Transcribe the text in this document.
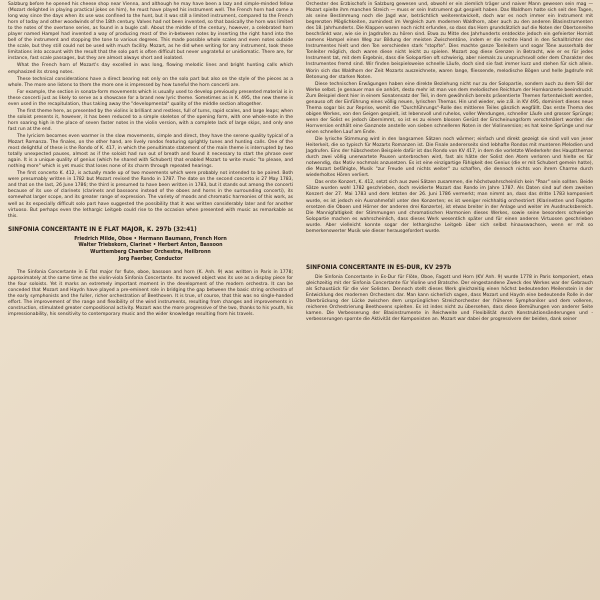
Salzburg before he opened his cheese shop near Vienna, and although he may have been a lazy and simple-minded fellow (Mozart delighted in playing practical jokes on him), he must have played his instrument well. The French horn had come a long way since the days when its use was confined to the hunt, but it was still a limited instrument, compared to the French horn of today and other woodwinds of the 18th century. Valves had not been invented, so that basically the horn was limited to the notes of the overtone series, as found in a bugle call. About the middle of the century, however, a celebrated horn player named Hampel had invented a way of producing most of the in-between notes by inserting the right hand into the bell of the instrument and stopping the tone to various degrees. This made possible whole scales and even notes outside the scale, but they still could not be used with much facility. Mozart, as he did when writing for any instrument, took these limitations into account with the result that the solo part is often difficult but never ungrateful or unidiomatic. There are, for instance, fast scale passages, but they are almost always short and isolated.

What the French horn of Mozart's day excelled in was long, flowing melodic lines and bright hunting calls which emphasized its strong notes.

These technical considerations have a direct bearing not only on the solo part but also on the style of the pieces as a whole. The more one listens to them the more one is impressed by how tuneful the horn concerti are.

For example, the section in sonata-form movements which is usually used to develop previously presented material is in these concerti just as likely to serve as a showcase for a brand new lyric theme. Sometimes as in K. 495, the new theme is even used in the recapitulation, thus taking away the "developmental" quality of the middle section altogether.

The first theme here, as presented by the violins is brilliant and restless, full of turns, rapid scales, and large leaps; when the soloist presents it, however, it has been reduced to a simple skeleton of the opening form, with one whole-note in the horn soaring high in the place of seven faster notes in the violin version, with a complete lack of large skips, and only one fast run at the end.

The lyricism becomes even warmer in the slow movements, simple and direct, they have the serene quality typical of a Mozart Romanza. The finales, on the other hand, are lively rondos featuring sprightly tunes and hunting calls. One of the most delightful of these is the Rondo of K. 417, in which the penultimate statement of the main theme is interrupted by two totally unexpected pauses, almost as if the soloist had run out of breath and found it necessary to start the phrase over again. It is a unique quality of genius (which he shared with Schubert) that enabled Mozart to write music "to please, and nothing more" which is yet music that loses none of its charm through repeated hearings.

The first concerto K. 412, is actually made up of two movements which were probably not intended to be paired. Both were presumably written in 1782 but Mozart revised the Rondo in 1787. The date on the second concerto is 27 May 1783, and that on the last, 26 June 1786; the third is presumed to have been written in 1783, but it stands out among the concerti because of its use of clarinets (clarinets and bassoons instead of the oboes and horns in the surrounding concerti), its somewhat larger scope, and its greater range of expression. The variety of moods and chromatic harmonies of this work, as well as its especially difficult solo part have suggested the possibility that it was written considerably later and for another virtuoso. But perhaps even the lethargic Leitgeb could rise to the occasion when presented with music as remarkable as this.

SINFONIA CONCERTANTE IN E FLAT MAJOR, K. 297b (32:41)
Friedrich Milde, Oboe • Hermann Baumann, French Horn
Walter Triebskorn, Clarinet • Herbert Anton, Bassoon
Wurttemberg Chamber Orchestra, Heilbronn
Jorg Faerber, Conductor

The Sinfonia Concertante in E flat major for flute, oboe, bassoon and horn (K. Anh. 9) was written in Paris in 1778; approximately at the same time as the violin-viola Sinfonia Concertante. Its avowed object was its use as a display piece for the four soloists. Yet it marks an extremely important moment in the development of the modern orchestra. It can be conceded that Mozart and Haydn have played a pre-eminent role in bridging the gap between the basic string orchestra of the early symphonists and the fuller, richer orchestration of Beethoven. It is true, of course, that this was no single-handed effort. The improvement of the range and flexibility of the wind instruments, resulting from changes and improvements in construction, stimulated greater compositional activity. Mozart was the more progressive of the two, thanks to his youth, his impressionability, his sensitivity to contemporary music and the wider knowledge resulting from his travels.

Orchester des Erzbischofs in Salzburg gewesen und, obwohl er ein ziemlich träger und naiver Mann gewesen sein mag — Mozart spielte ihm manchen Streich — muss er sein Instrument gut gespielt haben. Das Waldhorn hatte sich seit den Tagen, als seine Bestimmung noch die Jagd war, beträchtlich weiterentwickelt, doch war es noch immer ein Instrument mit begrenzten Möglichkeiten, zumindest im Vergleich zum modernen Waldhorn, aber auch zu den anderen Blasinstrumenten des 18. Jahrhunderts. Die Klappen waren noch nicht erfunden, so dass das Horn grundsätzlich auf die Noten der Obertonreihe beschränkt war, wie sie in Jagdrufen zu hören sind. Etwa zu Mitte des Jahrhunderts entdeckte jedoch ein gefeierter Hornist namens Hampel einen Weg zur Bildung der meisten Zwischentöne, indem er die rechte Hand in den Schalltrichter des Instrumentes hielt und den Ton verschieden stark "stopfte". Dies machte ganze Tonleitern und sogar Töne ausserhalb der Tonleiter möglich, doch waren diese nicht leicht zu spielen. Mozart zog diese Grenzen in Betracht, wie er es für jedes Instrument tat, mit dem Ergebnis, dass die Solopartien oft schwierig, aber niemals zu unspruchsvoll oder dem Charakter des Instrumentes fremd sind. Wir finden beispielsweise schnelle Läufe, doch sind sie fast immer kurz und stehen für sich allein. Worin sich das Waldhorn der Zeit Mozarts auszeichnete, waren lange, fliessende, melodische Bögen und helle Jagdrufe mit Betonung der starken Noten.

Diese technischen Erwägungen haben eine direkte Beziehung nicht nur zu der Solopartie, sondern auch zu dem Stil der Werke selbst. Je genauer man sie anhört, desto mehr ist man von dem melodischen Reichtum der Hornkonzerte beeindruckt. Zum Beispiel dient hier in einem Sonatensatz der Teil, in dem gewöhnlich bereits präsentierte Themen fortentwickelt werden, genauso oft der Einführung eines völlig neuen, lyrischen Themas. Hin und wieder, wie z.B. in KV 495, dominiert dieses neue Thema sogar bis zur Reprise, womit die "Durchführungs"-Rolle des mittleren Teiles gänzlich wegfällt. Das erste Thema des obigen Werkes, von den Geigen gespielt, ist lebensvoll und ruhelos, voller Wendungen, schneller Läufe und grosser Sprünge; wenn der Solist es jedoch übernimmt, so ist es zu einem blossen Gerüst der Erscheinungsform verschmälert worden: die Hornversion enthält eine Ganznote anstelle von sieben schnelleren Noten in der Violinversion; es hat keine Sprünge und nur einen schnellen Lauf am Ende.

Die lyrische Stimmung wird in den langsamen Sätzen noch wärmer; einfach und direkt gezeigt sie sind voll von jener Heiterkeit, die so typisch für Mozarts Romanzen ist. Die Finale andererseits sind lebhafte Rondos mit munteren Melodien und Jagdrufen. Eins der hübschesten Beispiele dafür ist das Rondo von KV 417, in dem die vorletzte Wiederkehr des Hauptthemas durch zwei völlig unerwartete Pausen unterbrochen wird, fast als hätte der Solist den Atem verloren und hielte es für notwendig, das Motiv nochmals anzusetzen. Es ist eine einzigartige Fähigkeit des Genius (die er mit Schubert gemein hatte), die Mozart befähigte, Musik "zur Freude und nichts weiter" zu schaffen, die dennoch nichts von ihrem Charme durch wiederholtes Hören verliert.

Das erste Konzert, K. 412, setzt sich aus zwei Sätzen zusammen, die höchstwahrscheinlich kein "Paar" sein sollten. Beide Sätze wurden wohl 1782 geschrieben, doch revidierte Mozart das Rondo im Jahre 1787. Als Daten sind auf dem zweiten Konzert der 27. Mai 1783 und dem letzten der 26. Juni 1786 vermerkt; man nimmt an, dass das dritte 1783 komponiert wurde, es ist jedoch ein Ausnahmefall unter den Konzerten; es ist weniger reichhaltig orchestriert (Klarinetten und Fagotte ersetzen die Oboen und Hörner der anderen drei Konzerte), ist etwas breiter in der Anlage und weiter im Ausdrucksbereich. Die Mannigfaltigkeit der Stimmungen und chromatischen Harmonien dieses Werkes, sowie seine besonders schwierige Solopartie machen es wahrscheinlich, dass dieses Werk wesentlich später und für einen anderen Virtuosen geschrieben wurde. Aber vielleicht konnte sogar der lethargische Leitgeb über sich selbst hinauswachsen, wenn er mit so bemerkenswerter Musik wie dieser herausgefordert wurde.

SINFONIA CONCERTANTE IN ES-DUR, KV 297b

Die Sinfonia Concertante in Es-Dur für Flöte, Oboe, Fagott und Horn (KV Anh. 9) wurde 1778 in Paris komponiert, etwa gleichzeitig mit der Sinfonia Concertante für Violine und Bratsche. Der eingestandene Zweck des Werkes war der Gebrauch als Schaustück für die vier Solisten. Dennoch stellt dieses Werk gleichzeitig einen höchst bedeutenden Meilenstein in der Entwicklung des modernen Orchesters dar. Man kann sicherlich sagen, dass Mozart und Haydn eine bedeutende Rolle in der Überbrückung der Lücke zwischen dem ursprünglichen Streichorchester der früheren Symphoniker und dem volleren, reicheren Orchestrierung Beethovens spielten. Es ist indes nicht zu übersehen, dass diese Bemühungen von anderer Seite kamen. Die Verbesserung der Blasinstrumente in Reichweite und Flexibilität durch Konstruktionsänderungen und -verbesserungen spornte die Aktivität der Komponisten an. Mozart war dabei der progressivere der beiden, dank seiner
